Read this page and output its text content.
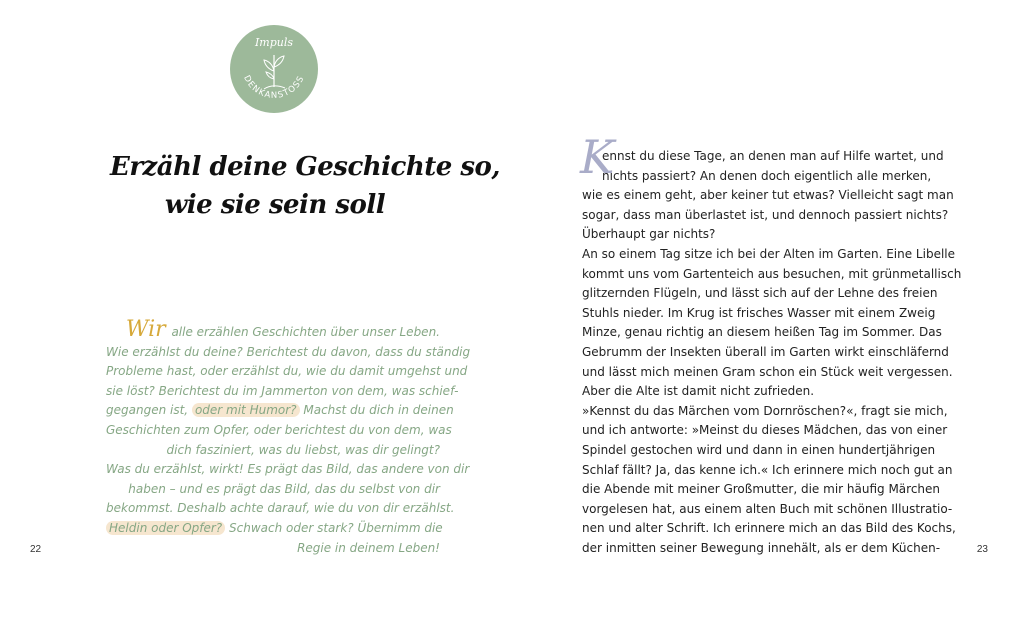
DENKANSTOSS
Impuls
Erzähl deine Geschichte so,
wie sie sein soll
Wir alle erzählen Geschichten über unser Leben.
Wie erzählst du deine? Berichtest du davon, dass du ständig
Probleme hast, oder erzählst du, wie du damit umgehst und
sie löst? Berichtest du im Jammerton von dem, was schief-
gegangen ist, oder mit Humor? Machst du dich in deinen
Geschichten zum Opfer, oder berichtest du von dem, was
dich fasziniert, was du liebst, was dir gelingt?
Was du erzählst, wirkt! Es prägt das Bild, das andere von dir
haben – und es prägt das Bild, das du selbst von dir
bekommst. Deshalb achte darauf, wie du von dir erzählst.
Heldin oder Opfer? Schwach oder stark? Übernimm die
Regie in deinem Leben!
22
K
ennst du diese Tage, an denen man auf Hilfe wartet, und
nichts passiert? An denen doch eigentlich alle merken,
wie es einem geht, aber keiner tut etwas? Vielleicht sagt man
sogar, dass man überlastet ist, und dennoch passiert nichts?
Überhaupt gar nichts?
An so einem Tag sitze ich bei der Alten im Garten. Eine Libelle
kommt uns vom Gartenteich aus besuchen, mit grünmetallisch
glitzernden Flügeln, und lässt sich auf der Lehne des freien
Stuhls nieder. Im Krug ist frisches Wasser mit einem Zweig
Minze, genau richtig an diesem heißen Tag im Sommer. Das
Gebrumm der Insekten überall im Garten wirkt einschläfernd
und lässt mich meinen Gram schon ein Stück weit vergessen.
Aber die Alte ist damit nicht zufrieden.
»Kennst du das Märchen vom Dornröschen?«, fragt sie mich,
und ich antworte: »Meinst du dieses Mädchen, das von einer
Spindel gestochen wird und dann in einen hundertjährigen
Schlaf fällt? Ja, das kenne ich.« Ich erinnere mich noch gut an
die Abende mit meiner Großmutter, die mir häufig Märchen
vorgelesen hat, aus einem alten Buch mit schönen Illustratio-
nen und alter Schrift. Ich erinnere mich an das Bild des Kochs,
der inmitten seiner Bewegung innehält, als er dem Küchen-	23
